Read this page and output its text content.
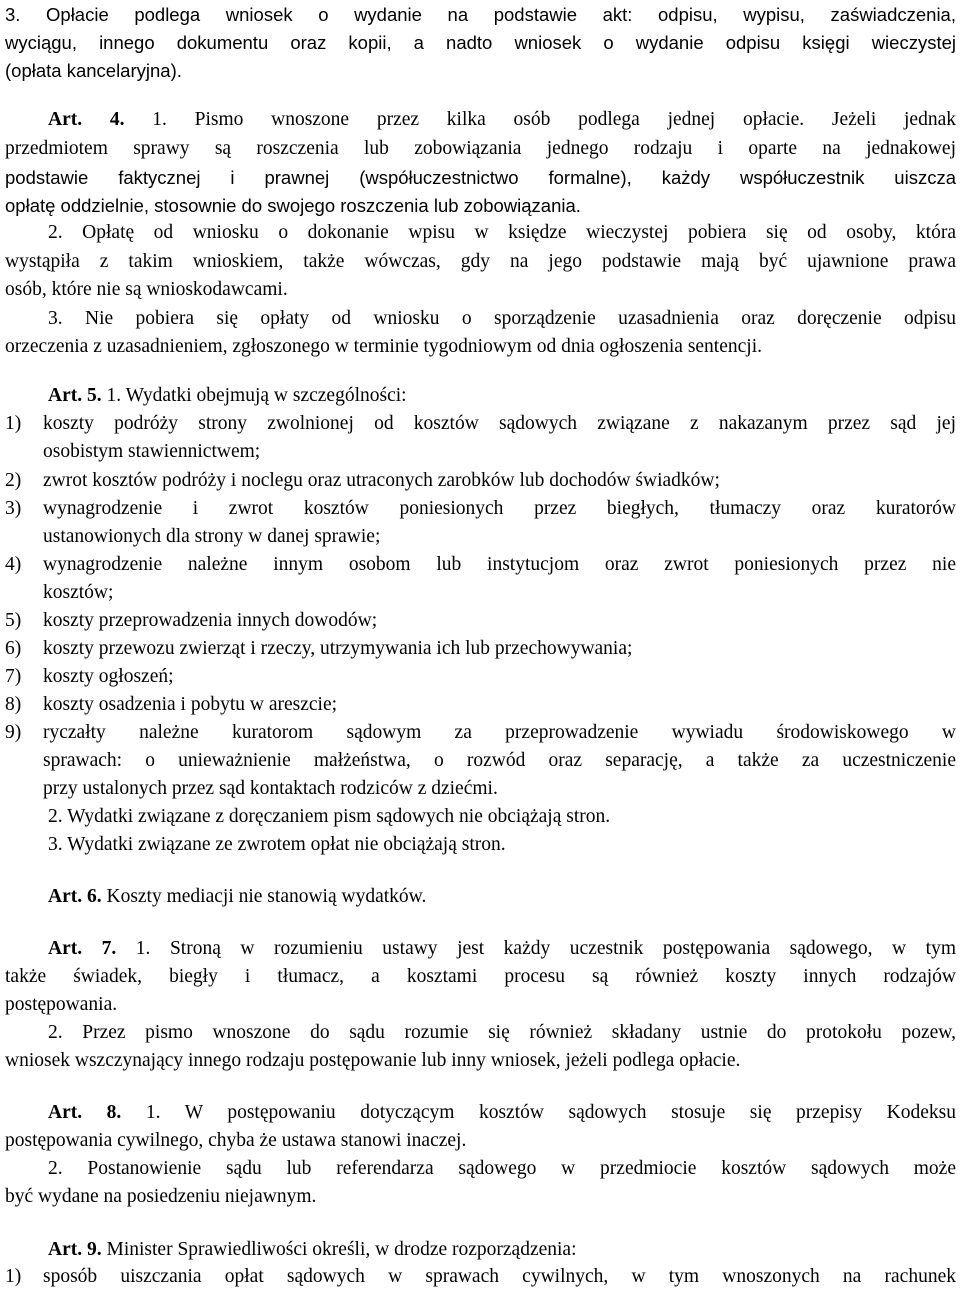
3. Opłacie podlega wniosek o wydanie na podstawie akt: odpisu, wypisu, zaświadczenia,
wyciągu, innego dokumentu oraz kopii, a nadto wniosek o wydanie odpisu księgi wieczystej
(opłata kancelaryjna).
Art. 4. 1. Pismo wnoszone przez kilka osób podlega jednej opłacie. Jeżeli jednak
przedmiotem sprawy są roszczenia lub zobowiązania jednego rodzaju i oparte na jednakowej
podstawie faktycznej i prawnej (współuczestnictwo formalne), każdy współuczestnik uiszcza
opłatę oddzielnie, stosownie do swojego roszczenia lub zobowiązania.
2. Opłatę od wniosku o dokonanie wpisu w księdze wieczystej pobiera się od osoby, która
wystąpiła z takim wnioskiem, także wówczas, gdy na jego podstawie mają być ujawnione prawa
osób, które nie są wnioskodawcami.
3. Nie pobiera się opłaty od wniosku o sporządzenie uzasadnienia oraz doręczenie odpisu
orzeczenia z uzasadnieniem, zgłoszonego w terminie tygodniowym od dnia ogłoszenia sentencji.
Art. 5. 1. Wydatki obejmują w szczególności:
1) koszty podróży strony zwolnionej od kosztów sądowych związane z nakazanym przez sąd jej
osobistym stawiennictwem;
2) zwrot kosztów podróży i noclegu oraz utraconych zarobków lub dochodów świadków;
3) wynagrodzenie i zwrot kosztów poniesionych przez biegłych, tłumaczy oraz kuratorów
ustanowionych dla strony w danej sprawie;
4) wynagrodzenie należne innym osobom lub instytucjom oraz zwrot poniesionych przez nie
kosztów;
5) koszty przeprowadzenia innych dowodów;
6) koszty przewozu zwierząt i rzeczy, utrzymywania ich lub przechowywania;
7) koszty ogłoszeń;
8) koszty osadzenia i pobytu w areszcie;
9) ryczałty należne kuratorom sądowym za przeprowadzenie wywiadu środowiskowego w
sprawach: o unieważnienie małżeństwa, o rozwód oraz separację, a także za uczestniczenie
przy ustalonych przez sąd kontaktach rodziców z dziećmi.
2. Wydatki związane z doręczaniem pism sądowych nie obciążają stron.
3. Wydatki związane ze zwrotem opłat nie obciążają stron.
Art. 6. Koszty mediacji nie stanowią wydatków.
Art. 7. 1. Stroną w rozumieniu ustawy jest każdy uczestnik postępowania sądowego, w tym
także świadek, biegły i tłumacz, a kosztami procesu są również koszty innych rodzajów
postępowania.
2. Przez pismo wnoszone do sądu rozumie się również składany ustnie do protokołu pozew,
wniosek wszczynający innego rodzaju postępowanie lub inny wniosek, jeżeli podlega opłacie.
Art. 8. 1. W postępowaniu dotyczącym kosztów sądowych stosuje się przepisy Kodeksu
postępowania cywilnego, chyba że ustawa stanowi inaczej.
2. Postanowienie sądu lub referendarza sądowego w przedmiocie kosztów sądowych może
być wydane na posiedzeniu niejawnym.
Art. 9. Minister Sprawiedliwości określi, w drodze rozporządzenia:
1) sposób uiszczania opłat sądowych w sprawach cywilnych, w tym wnoszonych na rachunek
